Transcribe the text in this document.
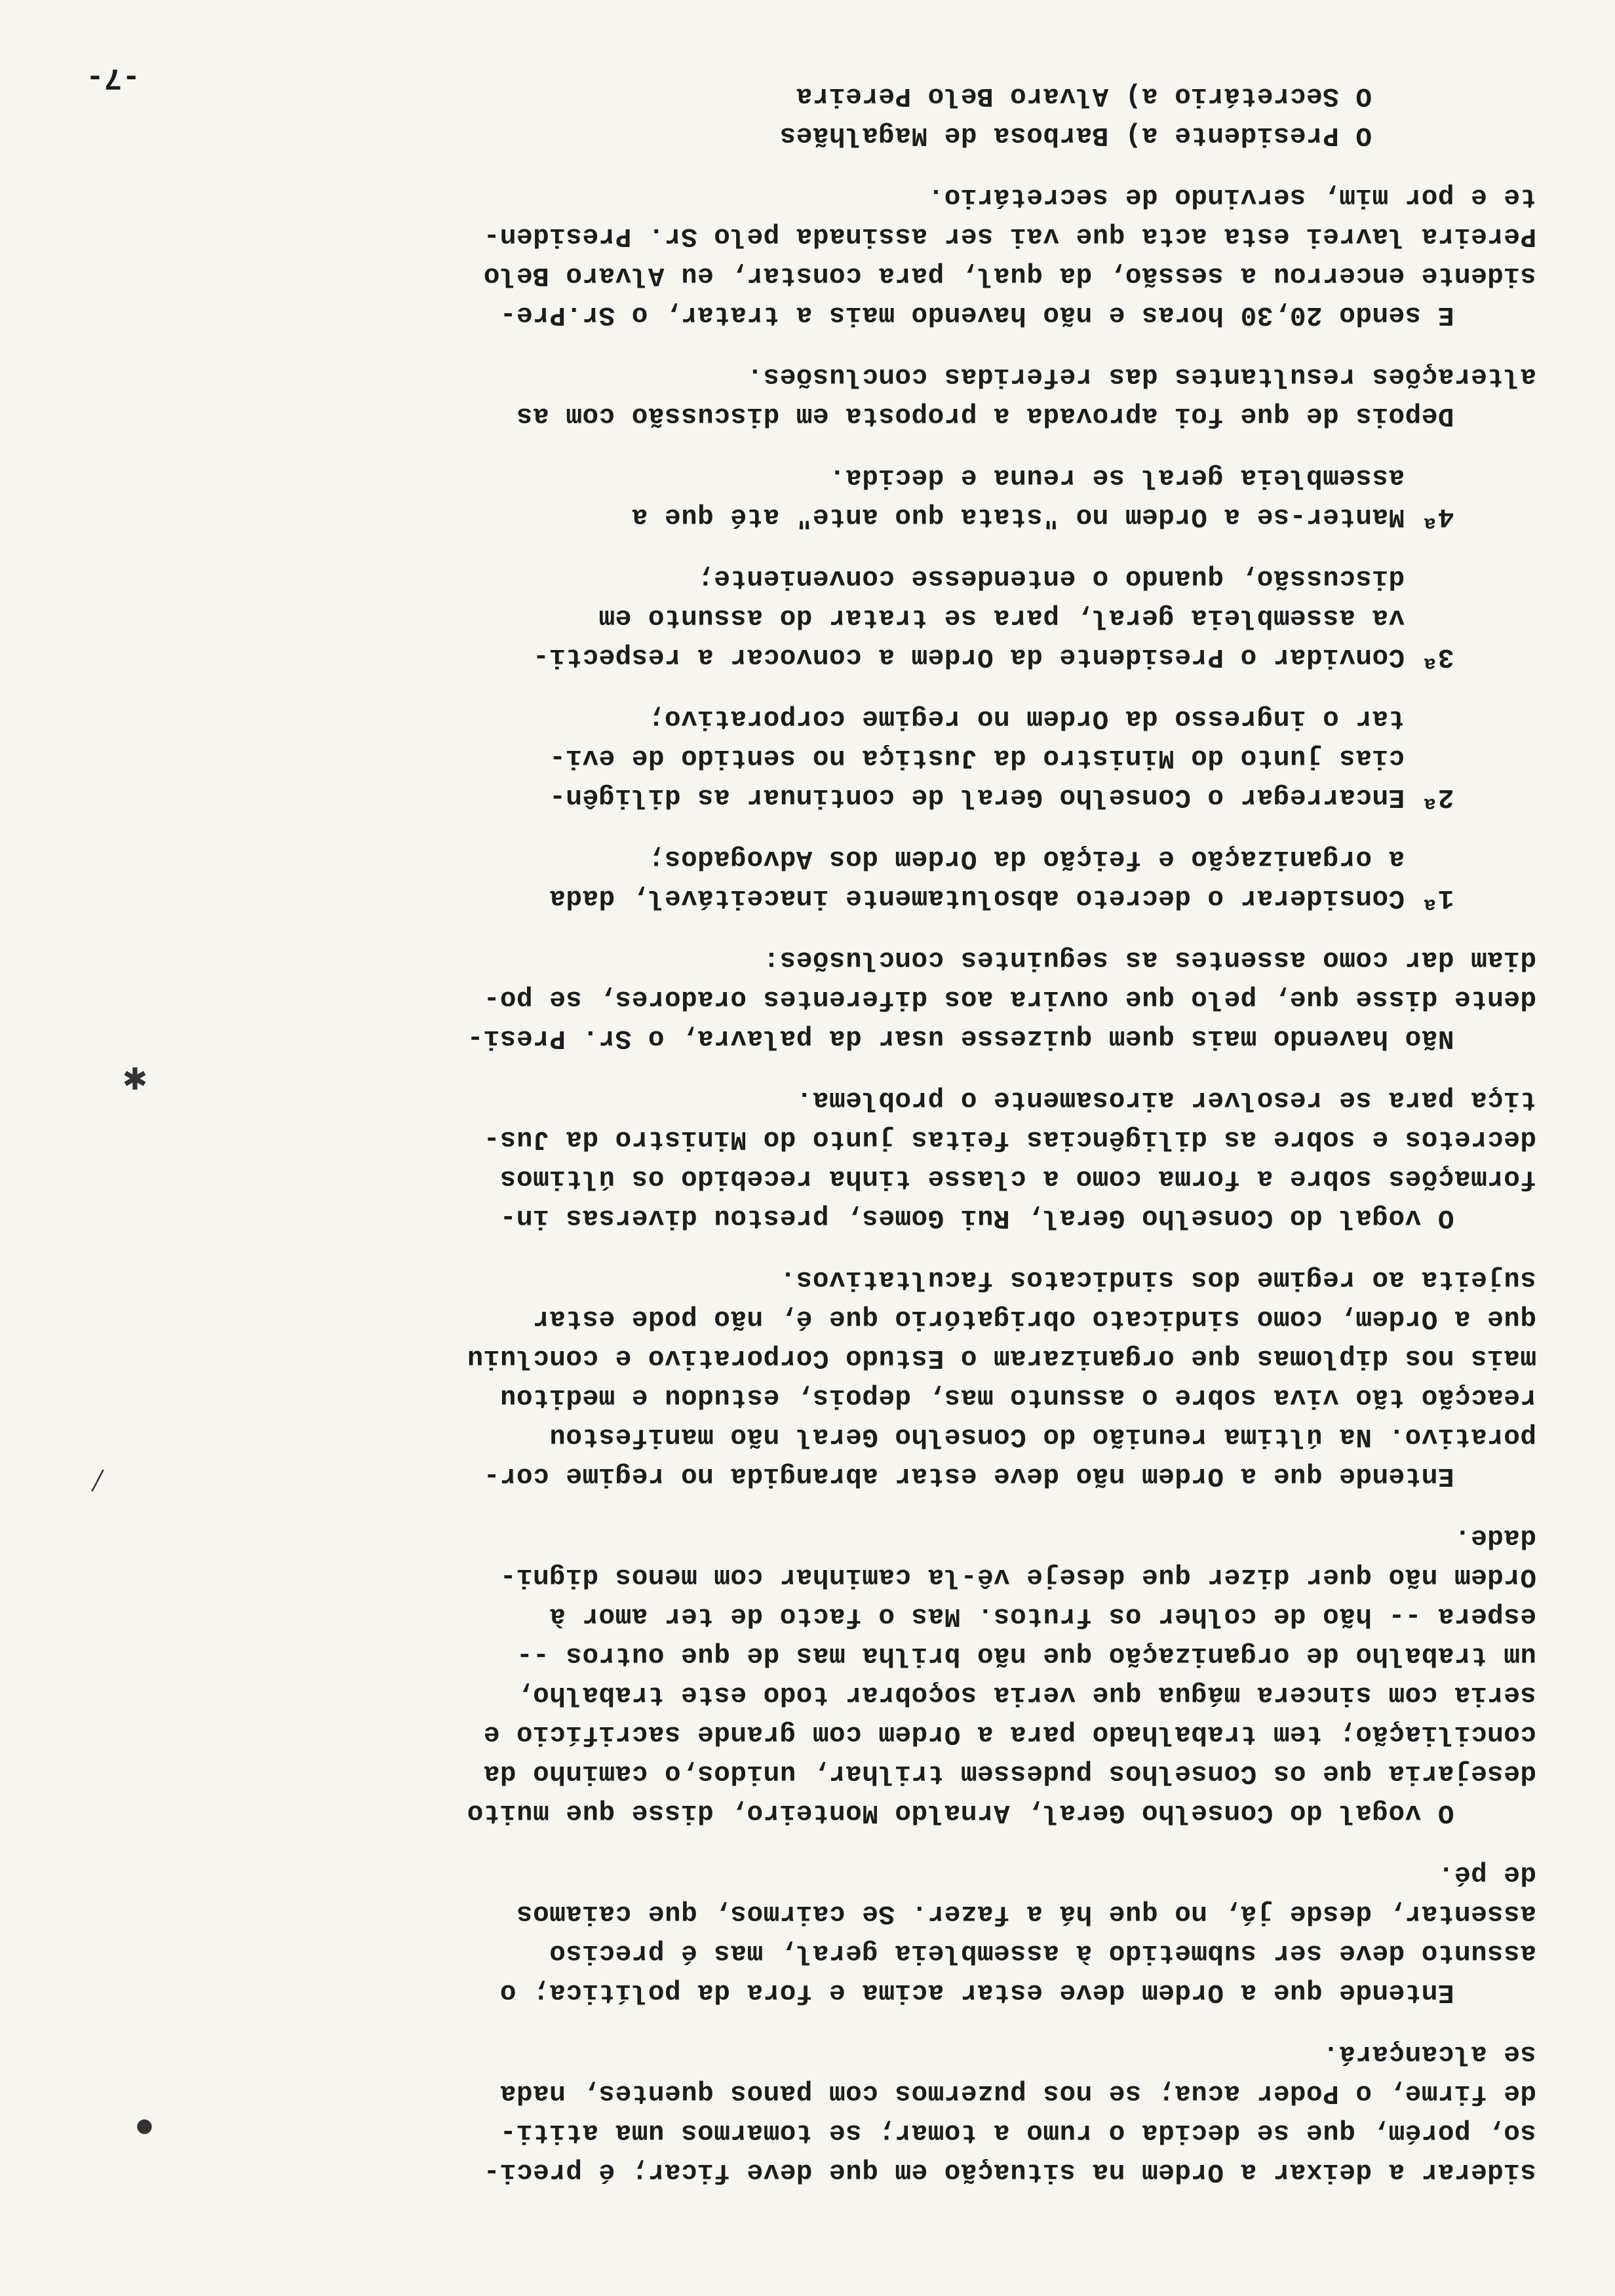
siderar a deixar a Ordem na situação em que deve ficar; é preci-
so, porém, que se decida o rumo a tomar; se tomarmos uma atiti-
de firme, o Poder acua; se nos puzermos com panos quentes, nada
se alcançará.
Entende que a Ordem deve estar acima e fora da política; o
assunto deve ser submetido à assembleia geral, mas é preciso
assentar, desde já, no que há a fazer. Se cairmos, que caiamos
de pé.
O vogal do Conselho Geral, Arnaldo Monteiro, disse que muito
desejaria que os Conselhos pudessem trilhar, unidos,o caminho da
conciliação; tem trabalhado para a Ordem com grande sacrifício e
seria com sincera mágua que veria soçobrar todo este trabalho,
um trabalho de organização que não brilha mas de que outros --
espera -- hão de colher os frutos. Mas o facto de ter amor à
Ordem não quer dizer que deseje vê-la caminhar com menos digni-
dade.
Entende que a Ordem não deve estar abrangida no regime cor-
porativo. Na última reunião do Conselho Geral não manifestou
reacção tão viva sobre o assunto mas, depois, estudou e meditou
mais nos diplomas que organizaram o Estudo Corporativo e concluiu
que a Ordem, como sindicato obrigatório que é, não pode estar
sujeita ao regime dos sindicatos facultativos.
O vogal do Conselho Geral, Rui Gomes, prestou diversas in-
formações sobre a forma como a classe tinha recebido os últimos
decretos e sobre as diligências feitas junto do Ministro da Jus-
tiça para se resolver airosamente o problema.
Não havendo mais quem quizesse usar da palavra, o Sr. Presi-
dente disse que, pelo que ouvira aos diferentes oradores, se po-
diam dar como assentes as seguintes conclusões:
1ª Considerar o decreto absolutamente inaceitável, dada
a organização e feição da Ordem dos Advogados;
2ª Encarregar o Conselho Geral de continuar as diligên-
cias junto do Ministro da Justiça no sentido de evi-
tar o ingresso da Ordem no regime corporativo;
3ª Convidar o Presidente da Ordem a convocar a respecti-
va assembleia geral, para se tratar do assunto em
discussão, quando o entendesse conveniente;
4ª Manter-se a Ordem no "stata quo ante" até que a
assembleia geral se reuna e decida.
Depois de que foi aprovada a proposta em discussão com as
alterações resultantes das referidas conclusões.
E sendo 20,30 horas e não havendo mais a tratar, o Sr.Pre-
sidente encerrou a sessão, da qual, para constar, eu Alvaro Belo
Pereira lavrei esta acta que vai ser assinada pelo Sr. Presiden-
te e por mim, servindo de secretário.
O Presidente a) Barbosa de Magalhães
O Secretário a) Alvaro Belo Pereira
-7-
✱
●
⁄
